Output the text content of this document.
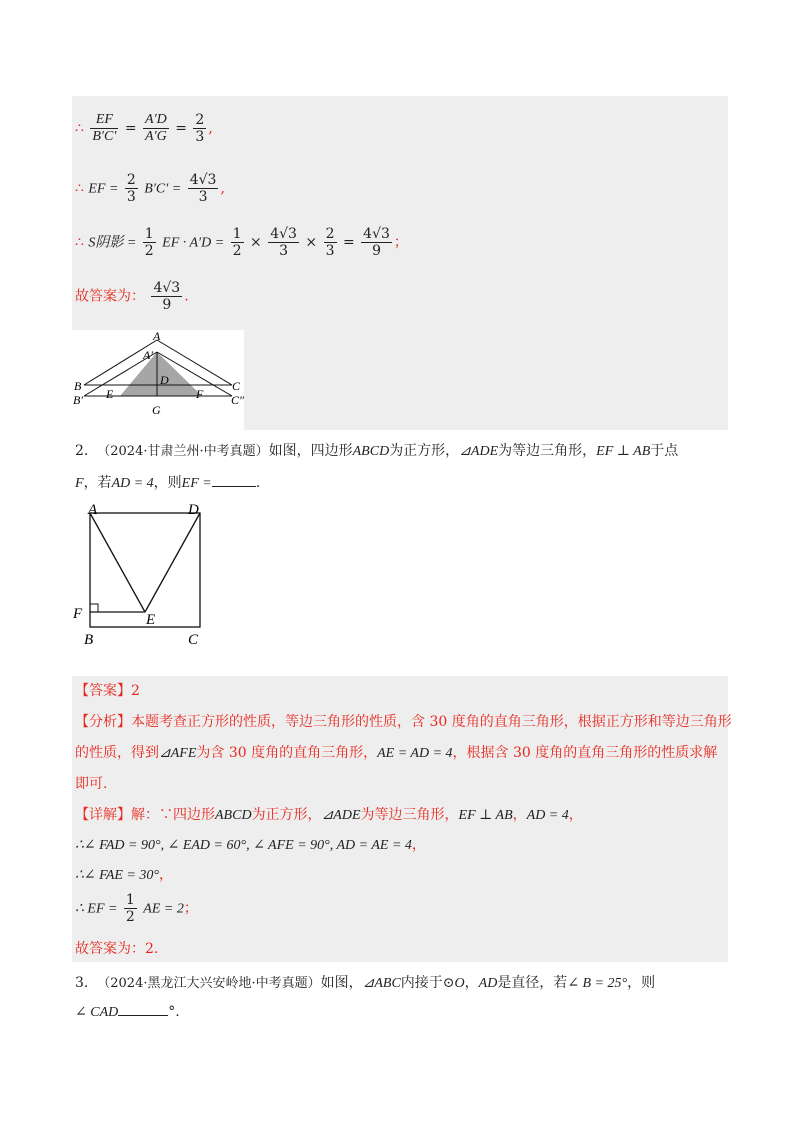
∴ $\frac{EF}{B'C'} = \frac{A'D}{A'G} = \frac{2}{3}$ ,
∴ EF = $\frac{2}{3} B'C' = \frac{4√3}{3}$ ,
∴ S阴影 = $\frac{1}{2}$ EF · $A'D = \frac{1}{2} \times \frac{4√3}{3} \times \frac{2}{3} = \frac{4√3}{9}$ ；
故答案为： $\frac{4√3}{9}$ .
A
A′
D
B	C
B′	C″
E	F
G
2. （2024·甘肃兰州·中考真题）如图，四边形ABCD为正方形，⊿ADE为等边三角形，EF ⊥ AB于点
F，若AD = 4，则EF =	.
A	D
F	E
B	C
【答案】2
【分析】本题考查正方形的性质，等边三角形的性质，含 30 度角的直角三角形，根据正方形和等边三角形
的性质，得到⊿AFE为含 30 度角的直角三角形，AE = AD = 4，根据含 30 度角的直角三角形的性质求解
即可.
【详解】解：∵四边形ABCD为正方形，⊿ADE为等边三角形，EF ⊥ AB，AD = 4，
∴∠ FAD = 90°, ∠ EAD = 60°, ∠ AFE = 90°, AD = AE = 4，
∴∠ FAE = 30°，
∴ EF = $\frac{1}{2}$ AE = 2；
故答案为：2.
3. （2024·黑龙江大兴安岭地·中考真题）如图，⊿ABC内接于⊙O，AD是直径，若∠ B = 25°，则
∠ CAD	°.
